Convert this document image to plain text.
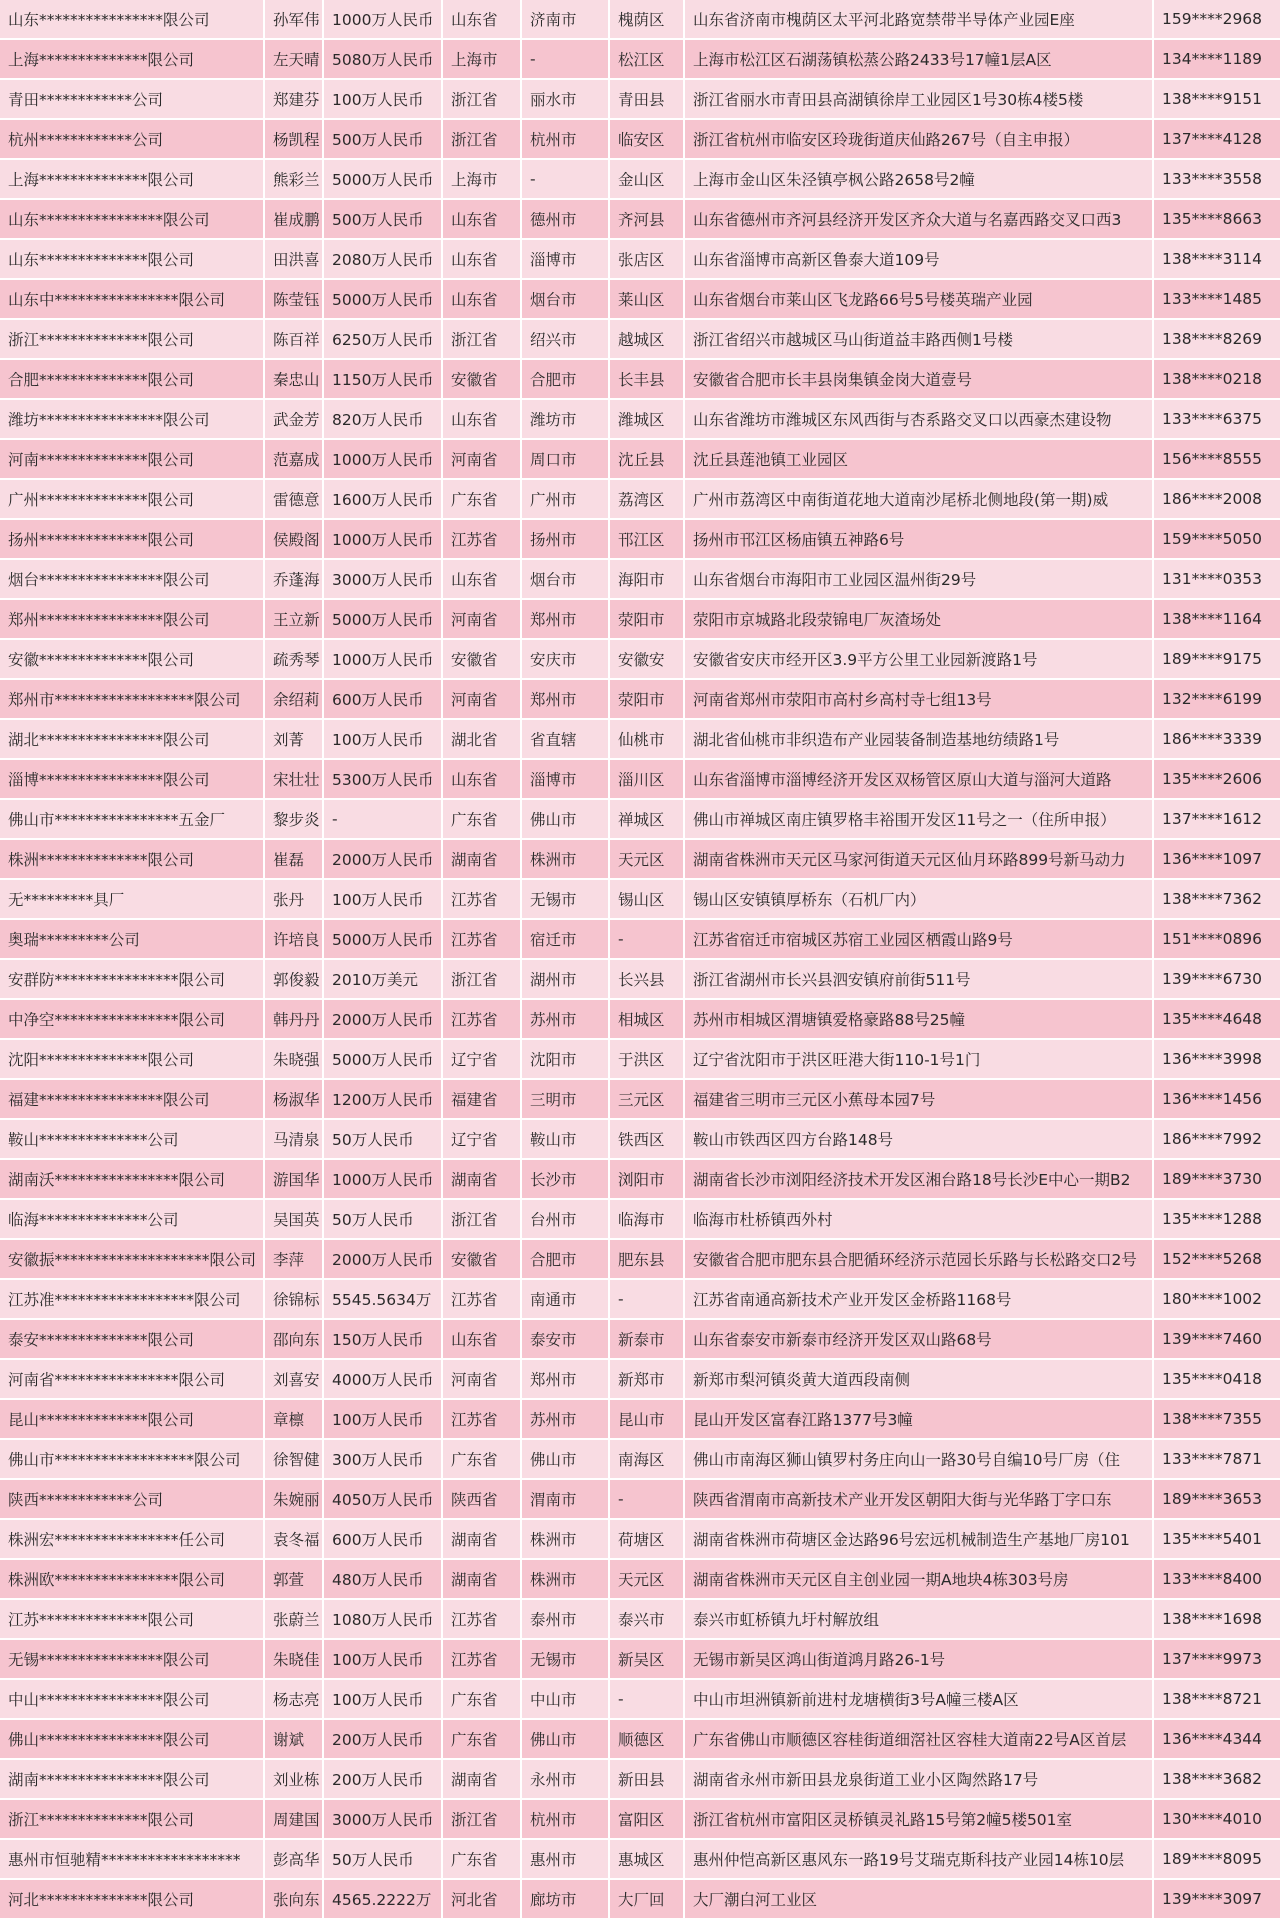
山东****************限公司	孙军伟	1000万人民币	山东省	济南市	槐荫区	山东省济南市槐荫区太平河北路宽禁带半导体产业园E座	159****2968
上海**************限公司	左天晴	5080万人民币	上海市	-	松江区	上海市松江区石湖荡镇松蒸公路2433号17幢1层A区	134****1189
青田************公司	郑建芬	100万人民币	浙江省	丽水市	青田县	浙江省丽水市青田县高湖镇徐岸工业园区1号30栋4楼5楼	138****9151
杭州************公司	杨凯程	500万人民币	浙江省	杭州市	临安区	浙江省杭州市临安区玲珑街道庆仙路267号（自主申报）	137****4128
上海**************限公司	熊彩兰	5000万人民币	上海市	-	金山区	上海市金山区朱泾镇亭枫公路2658号2幢	133****3558
山东****************限公司	崔成鹏	500万人民币	山东省	德州市	齐河县	山东省德州市齐河县经济开发区齐众大道与名嘉西路交叉口西3	135****8663
山东**************限公司	田洪喜	2080万人民币	山东省	淄博市	张店区	山东省淄博市高新区鲁泰大道109号	138****3114
山东中****************限公司	陈莹钰	5000万人民币	山东省	烟台市	莱山区	山东省烟台市莱山区飞龙路66号5号楼英瑞产业园	133****1485
浙江**************限公司	陈百祥	6250万人民币	浙江省	绍兴市	越城区	浙江省绍兴市越城区马山街道益丰路西侧1号楼	138****8269
合肥**************限公司	秦忠山	1150万人民币	安徽省	合肥市	长丰县	安徽省合肥市长丰县岗集镇金岗大道壹号	138****0218
潍坊****************限公司	武金芳	820万人民币	山东省	潍坊市	潍城区	山东省潍坊市潍城区东风西街与杏系路交叉口以西豪杰建设物	133****6375
河南**************限公司	范嘉成	1000万人民币	河南省	周口市	沈丘县	沈丘县莲池镇工业园区	156****8555
广州**************限公司	雷德意	1600万人民币	广东省	广州市	荔湾区	广州市荔湾区中南街道花地大道南沙尾桥北侧地段(第一期)威	186****2008
扬州**************限公司	侯殿阁	1000万人民币	江苏省	扬州市	邗江区	扬州市邗江区杨庙镇五神路6号	159****5050
烟台****************限公司	乔蓬海	3000万人民币	山东省	烟台市	海阳市	山东省烟台市海阳市工业园区温州街29号	131****0353
郑州****************限公司	王立新	5000万人民币	河南省	郑州市	荥阳市	荥阳市京城路北段荥锦电厂灰渣场处	138****1164
安徽**************限公司	疏秀琴	1000万人民币	安徽省	安庆市	安徽安	安徽省安庆市经开区3.9平方公里工业园新渡路1号	189****9175
郑州市******************限公司	余绍莉	600万人民币	河南省	郑州市	荥阳市	河南省郑州市荥阳市高村乡高村寺七组13号	132****6199
湖北****************限公司	刘菁	100万人民币	湖北省	省直辖	仙桃市	湖北省仙桃市非织造布产业园装备制造基地纺绩路1号	186****3339
淄博****************限公司	宋壮壮	5300万人民币	山东省	淄博市	淄川区	山东省淄博市淄博经济开发区双杨管区原山大道与淄河大道路	135****2606
佛山市****************五金厂	黎步炎	-	广东省	佛山市	禅城区	佛山市禅城区南庄镇罗格丰裕围开发区11号之一（住所申报）	137****1612
株洲**************限公司	崔磊	2000万人民币	湖南省	株洲市	天元区	湖南省株洲市天元区马家河街道天元区仙月环路899号新马动力	136****1097
无*********具厂	张丹	100万人民币	江苏省	无锡市	锡山区	锡山区安镇镇厚桥东（石机厂内）	138****7362
奥瑞*********公司	许培良	5000万人民币	江苏省	宿迁市	-	江苏省宿迁市宿城区苏宿工业园区栖霞山路9号	151****0896
安群防****************限公司	郭俊毅	2010万美元	浙江省	湖州市	长兴县	浙江省湖州市长兴县泗安镇府前街511号	139****6730
中净空****************限公司	韩丹丹	2000万人民币	江苏省	苏州市	相城区	苏州市相城区渭塘镇爱格豪路88号25幢	135****4648
沈阳**************限公司	朱晓强	5000万人民币	辽宁省	沈阳市	于洪区	辽宁省沈阳市于洪区旺港大街110-1号1门	136****3998
福建****************限公司	杨淑华	1200万人民币	福建省	三明市	三元区	福建省三明市三元区小蕉母本园7号	136****1456
鞍山**************公司	马清泉	50万人民币	辽宁省	鞍山市	铁西区	鞍山市铁西区四方台路148号	186****7992
湖南沃****************限公司	游国华	1000万人民币	湖南省	长沙市	浏阳市	湖南省长沙市浏阳经济技术开发区湘台路18号长沙E中心一期B2	189****3730
临海**************公司	吴国英	50万人民币	浙江省	台州市	临海市	临海市杜桥镇西外村	135****1288
安徽振********************限公司	李萍	2000万人民币	安徽省	合肥市	肥东县	安徽省合肥市肥东县合肥循环经济示范园长乐路与长松路交口2号	152****5268
江苏准******************限公司	徐锦标	5545.5634万	江苏省	南通市	-	江苏省南通高新技术产业开发区金桥路1168号	180****1002
泰安**************限公司	邵向东	150万人民币	山东省	泰安市	新泰市	山东省泰安市新泰市经济开发区双山路68号	139****7460
河南省****************限公司	刘喜安	4000万人民币	河南省	郑州市	新郑市	新郑市梨河镇炎黄大道西段南侧	135****0418
昆山**************限公司	章檩	100万人民币	江苏省	苏州市	昆山市	昆山开发区富春江路1377号3幢	138****7355
佛山市******************限公司	徐智健	300万人民币	广东省	佛山市	南海区	佛山市南海区狮山镇罗村务庄向山一路30号自编10号厂房（住	133****7871
陕西************公司	朱婉丽	4050万人民币	陕西省	渭南市	-	陕西省渭南市高新技术产业开发区朝阳大街与光华路丁字口东	189****3653
株洲宏****************任公司	袁冬福	600万人民币	湖南省	株洲市	荷塘区	湖南省株洲市荷塘区金达路96号宏远机械制造生产基地厂房101	135****5401
株洲欧****************限公司	郭萱	480万人民币	湖南省	株洲市	天元区	湖南省株洲市天元区自主创业园一期A地块4栋303号房	133****8400
江苏**************限公司	张蔚兰	1080万人民币	江苏省	泰州市	泰兴市	泰兴市虹桥镇九圩村解放组	138****1698
无锡****************限公司	朱晓佳	100万人民币	江苏省	无锡市	新吴区	无锡市新吴区鸿山街道鸿月路26-1号	137****9973
中山****************限公司	杨志亮	100万人民币	广东省	中山市	-	中山市坦洲镇新前进村龙塘横街3号A幢三楼A区	138****8721
佛山****************限公司	谢斌	200万人民币	广东省	佛山市	顺德区	广东省佛山市顺德区容桂街道细滘社区容桂大道南22号A区首层	136****4344
湖南****************限公司	刘业栋	200万人民币	湖南省	永州市	新田县	湖南省永州市新田县龙泉街道工业小区陶然路17号	138****3682
浙江**************限公司	周建国	3000万人民币	浙江省	杭州市	富阳区	浙江省杭州市富阳区灵桥镇灵礼路15号第2幢5楼501室	130****4010
惠州市恒驰精******************	彭高华	50万人民币	广东省	惠州市	惠城区	惠州仲恺高新区惠风东一路19号艾瑞克斯科技产业园14栋10层	189****8095
河北**************限公司	张向东	4565.2222万	河北省	廊坊市	大厂回	大厂潮白河工业区	139****3097
